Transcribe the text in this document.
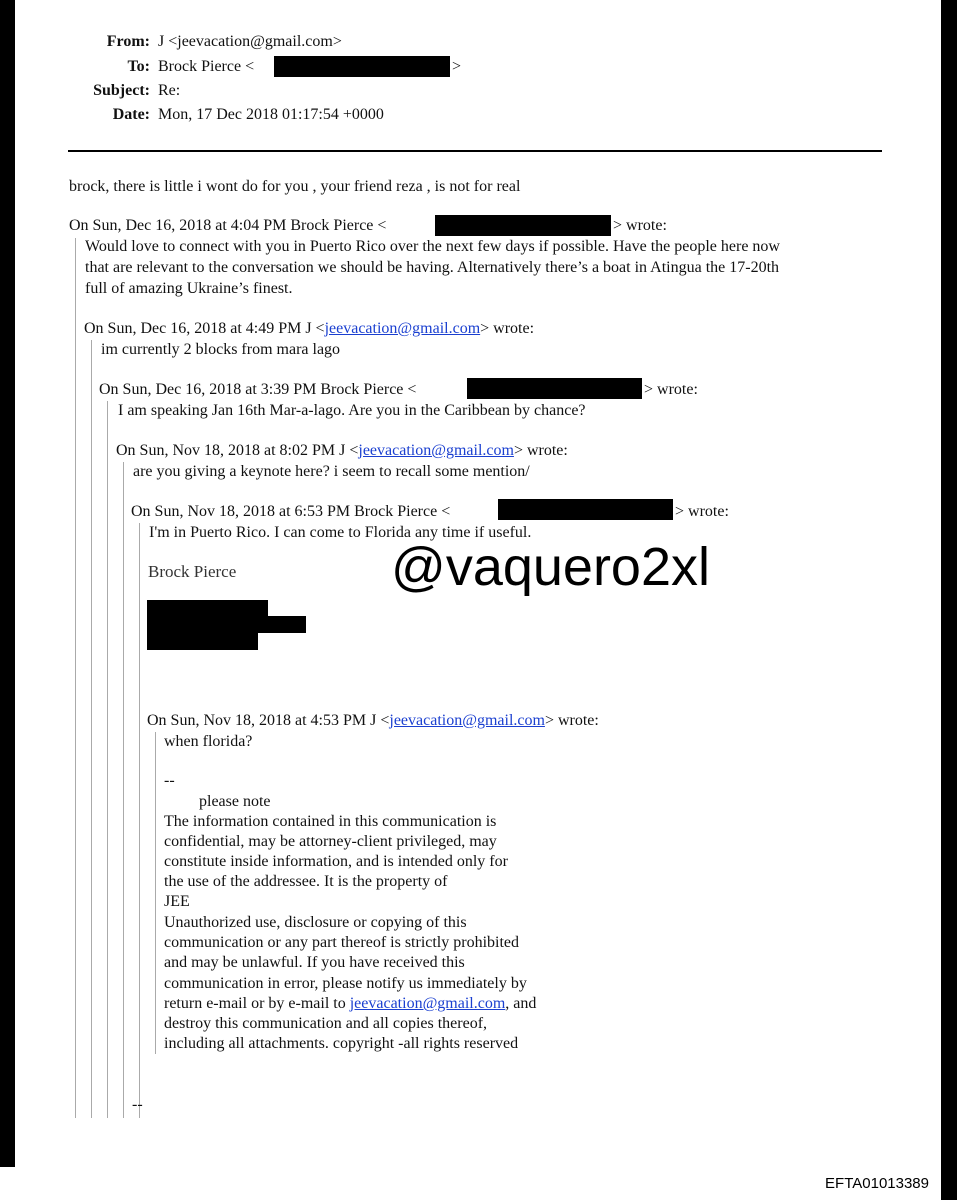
From: J <jeevacation@gmail.com>
To: Brock Pierce <	>
Subject: Re:
Date: Mon, 17 Dec 2018 01:17:54 +0000
brock, there is little i wont do for you , your friend reza , is not for real
On Sun, Dec 16, 2018 at 4:04 PM Brock Pierce <	> wrote:
Would love to connect with you in Puerto Rico over the next few days if possible. Have the people here now
that are relevant to the conversation we should be having. Alternatively there’s a boat in Atingua the 17-20th
full of amazing Ukraine’s finest.
On Sun, Dec 16, 2018 at 4:49 PM J <jeevacation@gmail.com> wrote:
im currently 2 blocks from mara lago
On Sun, Dec 16, 2018 at 3:39 PM Brock Pierce <	> wrote:
I am speaking Jan 16th Mar-a-lago. Are you in the Caribbean by chance?
On Sun, Nov 18, 2018 at 8:02 PM J <jeevacation@gmail.com> wrote:
are you giving a keynote here? i seem to recall some mention/
On Sun, Nov 18, 2018 at 6:53 PM Brock Pierce <	> wrote:
I'm in Puerto Rico. I can come to Florida any time if useful.
Brock Pierce
On Sun, Nov 18, 2018 at 4:53 PM J <jeevacation@gmail.com> wrote:
when florida?
--
please note
The information contained in this communication is
confidential, may be attorney-client privileged, may
constitute inside information, and is intended only for
the use of the addressee. It is the property of
JEE
Unauthorized use, disclosure or copying of this
communication or any part thereof is strictly prohibited
and may be unlawful. If you have received this
communication in error, please notify us immediately by
return e-mail or by e-mail to jeevacation@gmail.com, and
destroy this communication and all copies thereof,
including all attachments. copyright -all rights reserved
--
@vaquero2xl
EFTA01013389
